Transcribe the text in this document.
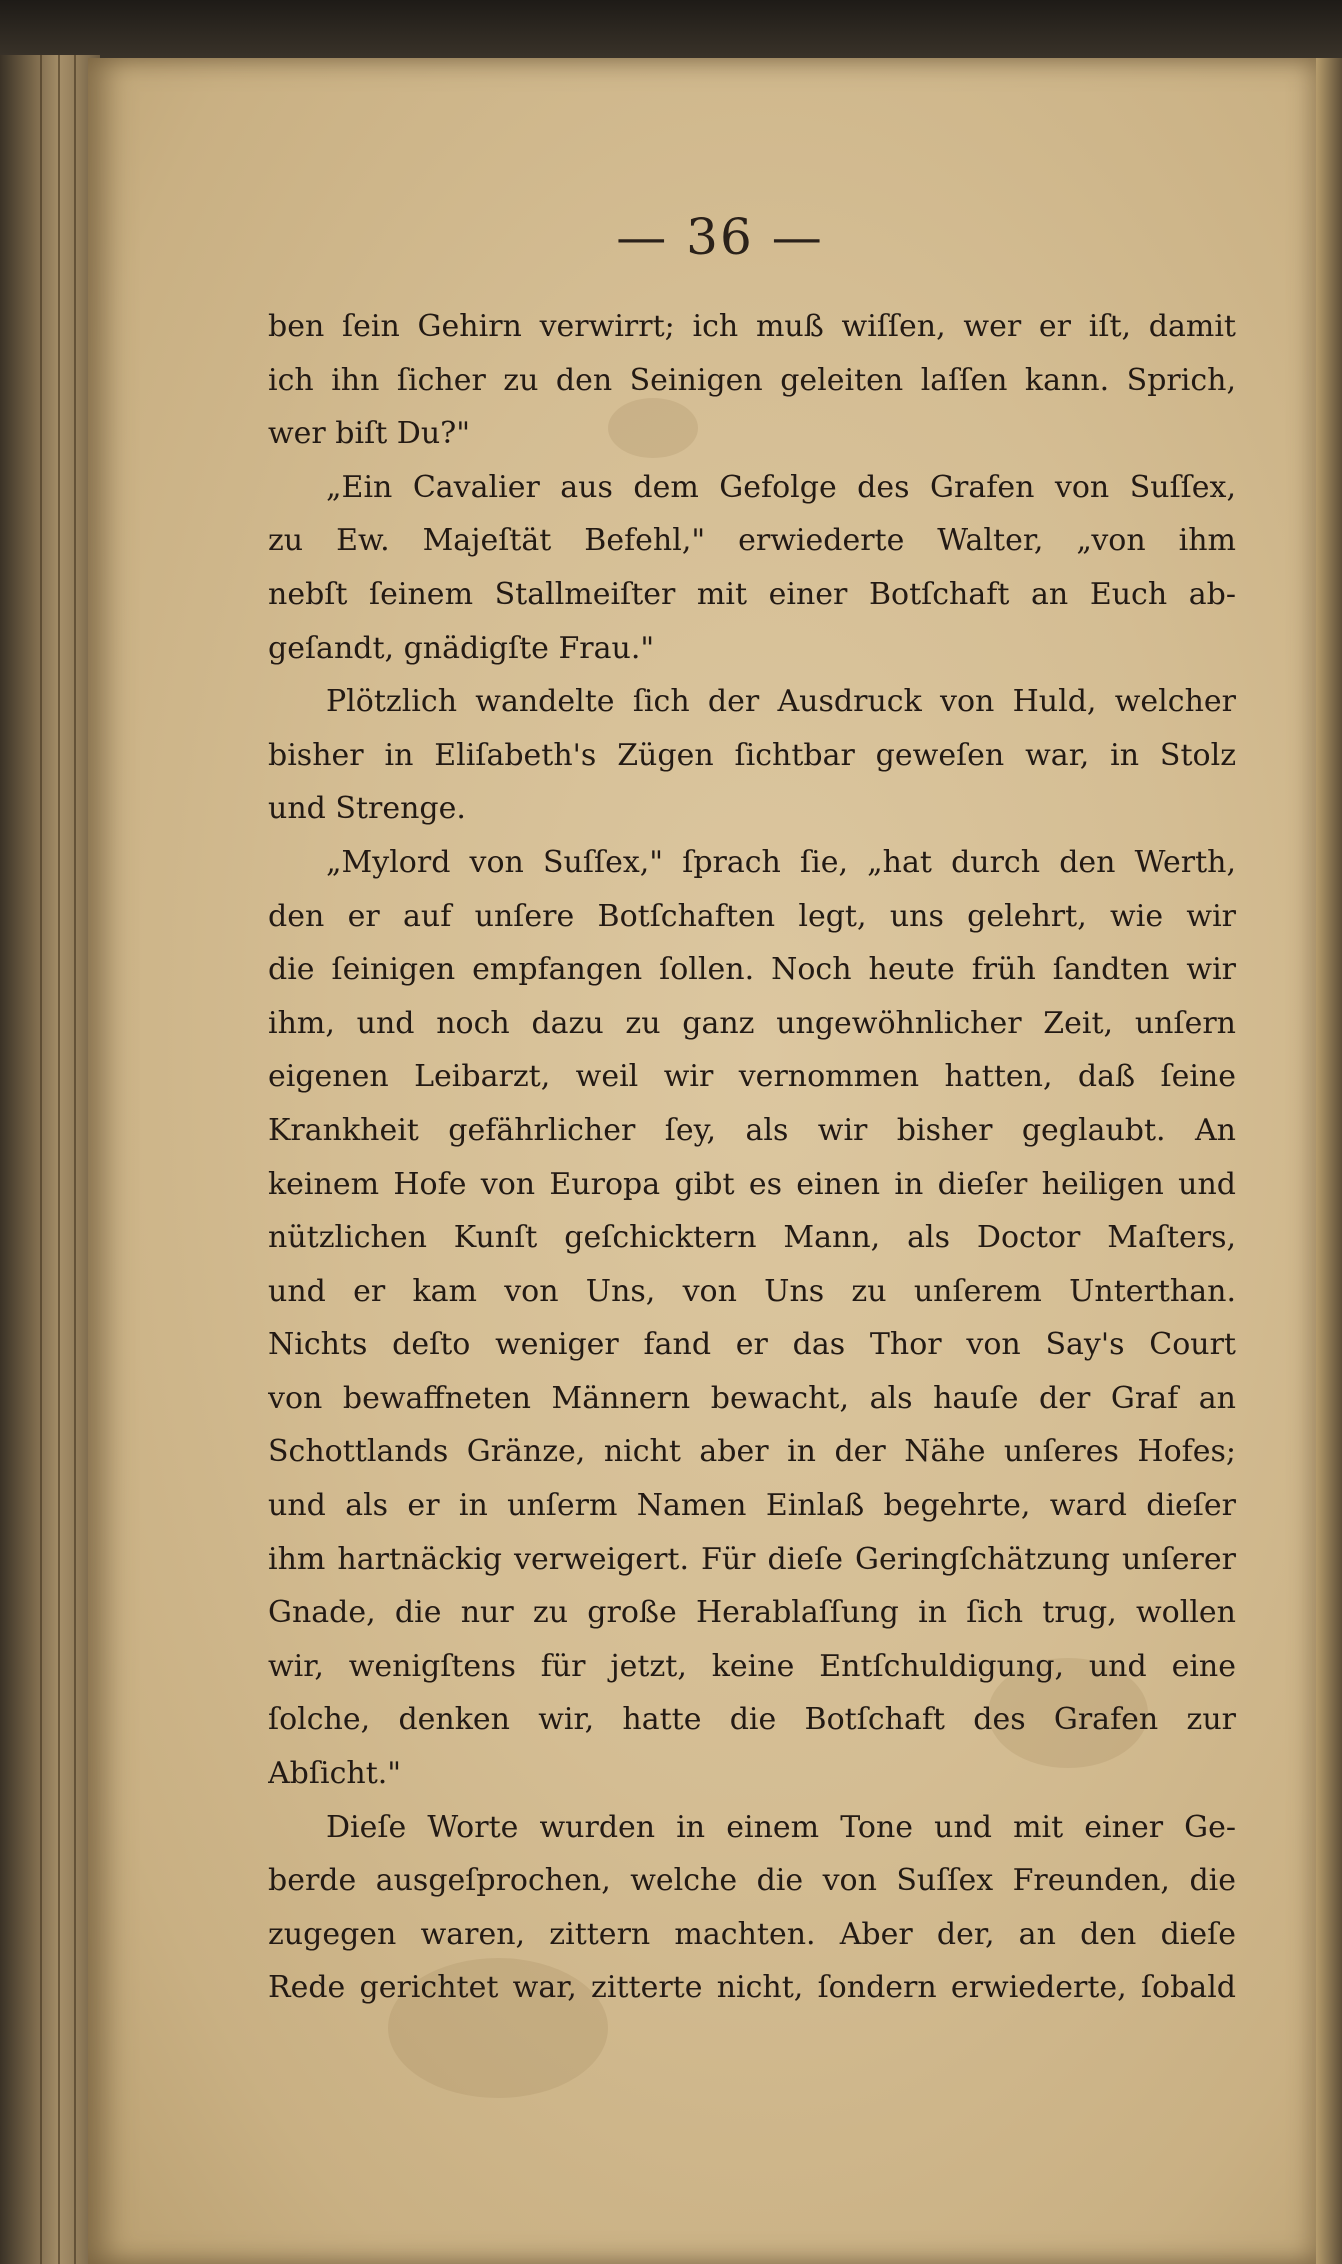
— 36 —
ben ſein Gehirn verwirrt; ich muß wiſſen, wer er iſt, damit
ich ihn ſicher zu den Seinigen geleiten laſſen kann. Sprich,
wer biſt Du?"
„Ein Cavalier aus dem Gefolge des Grafen von Suſſex,
zu Ew. Majeſtät Befehl," erwiederte Walter, „von ihm
nebſt ſeinem Stallmeiſter mit einer Botſchaft an Euch ab-
geſandt, gnädigſte Frau."
Plötzlich wandelte ſich der Ausdruck von Huld, welcher
bisher in Eliſabeth's Zügen ſichtbar geweſen war, in Stolz
und Strenge.
„Mylord von Suſſex," ſprach ſie, „hat durch den Werth,
den er auf unſere Botſchaften legt, uns gelehrt, wie wir
die ſeinigen empfangen ſollen. Noch heute früh ſandten wir
ihm, und noch dazu zu ganz ungewöhnlicher Zeit, unſern
eigenen Leibarzt, weil wir vernommen hatten, daß ſeine
Krankheit gefährlicher ſey, als wir bisher geglaubt. An
keinem Hofe von Europa gibt es einen in dieſer heiligen und
nützlichen Kunſt geſchicktern Mann, als Doctor Maſters,
und er kam von Uns, von Uns zu unſerem Unterthan.
Nichts deſto weniger fand er das Thor von Say's Court
von bewaffneten Männern bewacht, als hauſe der Graf an
Schottlands Gränze, nicht aber in der Nähe unſeres Hofes;
und als er in unſerm Namen Einlaß begehrte, ward dieſer
ihm hartnäckig verweigert. Für dieſe Geringſchätzung unſerer
Gnade, die nur zu große Herablaſſung in ſich trug, wollen
wir, wenigſtens für jetzt, keine Entſchuldigung, und eine
ſolche, denken wir, hatte die Botſchaft des Grafen zur
Abſicht."
Dieſe Worte wurden in einem Tone und mit einer Ge-
berde ausgeſprochen, welche die von Suſſex Freunden, die
zugegen waren, zittern machten. Aber der, an den dieſe
Rede gerichtet war, zitterte nicht, ſondern erwiederte, ſobald
